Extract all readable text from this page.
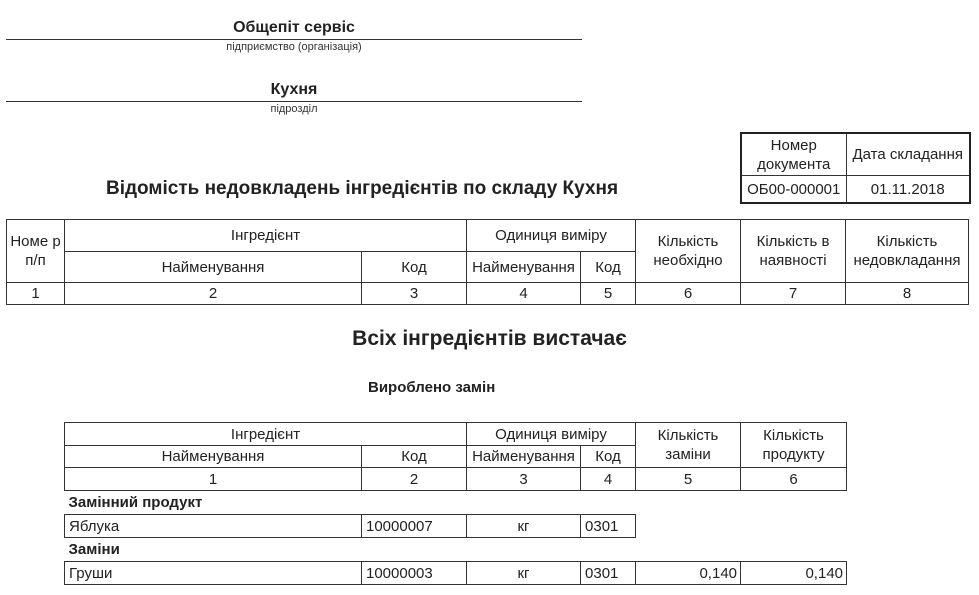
Общепіт сервіс
підприємство (організація)
Кухня
підрозділ
Номер документа	Дата складання
ОБ00-000001	01.11.2018
Відомість недовкладень інгредієнтів по складу Кухня
Номе р п/п	Інгредієнт		Одиниця виміру		Кількість необхідно	Кількість в наявності	Кількість недовкладання
	Найменування	Код	Найменування	Код			
1	2	3	4	5	6	7	8
Всіх інгредієнтів вистачає
Вироблено замін
Інгредієнт		Одиниця виміру		Кількість заміни	Кількість продукту
Найменування	Код	Найменування	Код		
1	2	3	4	5	6
Замінний продукт					
Яблука	10000007	кг	0301		
Заміни					
Груши	10000003	кг	0301	0,140	0,140
